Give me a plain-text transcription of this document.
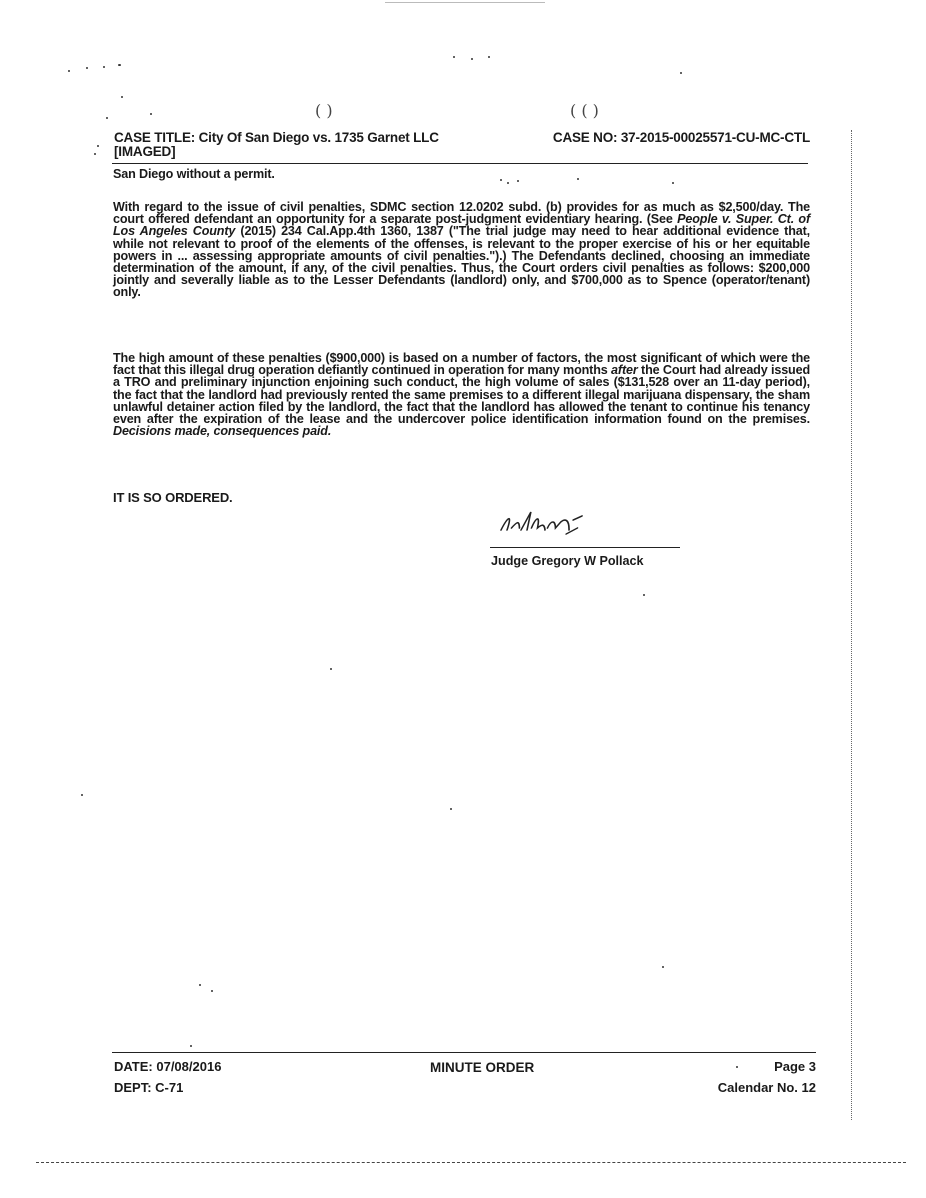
( )	( ( )
CASE TITLE: City Of San Diego vs. 1735 Garnet LLC	CASE NO: 37-2015-00025571-CU-MC-CTL
[IMAGED]
San Diego without a permit.
With regard to the issue of civil penalties, SDMC section 12.0202 subd. (b) provides for as much as $2,500/day. The court offered defendant an opportunity for a separate post-judgment evidentiary hearing. (See People v. Super. Ct. of Los Angeles County (2015) 234 Cal.App.4th 1360, 1387 ("The trial judge may need to hear additional evidence that, while not relevant to proof of the elements of the offenses, is relevant to the proper exercise of his or her equitable powers in ... assessing appropriate amounts of civil penalties.").) The Defendants declined, choosing an immediate determination of the amount, if any, of the civil penalties. Thus, the Court orders civil penalties as follows: $200,000 jointly and severally liable as to the Lesser Defendants (landlord) only, and $700,000 as to Spence (operator/tenant) only.
The high amount of these penalties ($900,000) is based on a number of factors, the most significant of which were the fact that this illegal drug operation defiantly continued in operation for many months after the Court had already issued a TRO and preliminary injunction enjoining such conduct, the high volume of sales ($131,528 over an 11-day period), the fact that the landlord had previously rented the same premises to a different illegal marijuana dispensary, the sham unlawful detainer action filed by the landlord, the fact that the landlord has allowed the tenant to continue his tenancy even after the expiration of the lease and the undercover police identification information found on the premises. Decisions made, consequences paid.
IT IS SO ORDERED.
Judge Gregory W Pollack
DATE: 07/08/2016
DEPT: C-71
MINUTE ORDER	Page 3
Calendar No. 12
